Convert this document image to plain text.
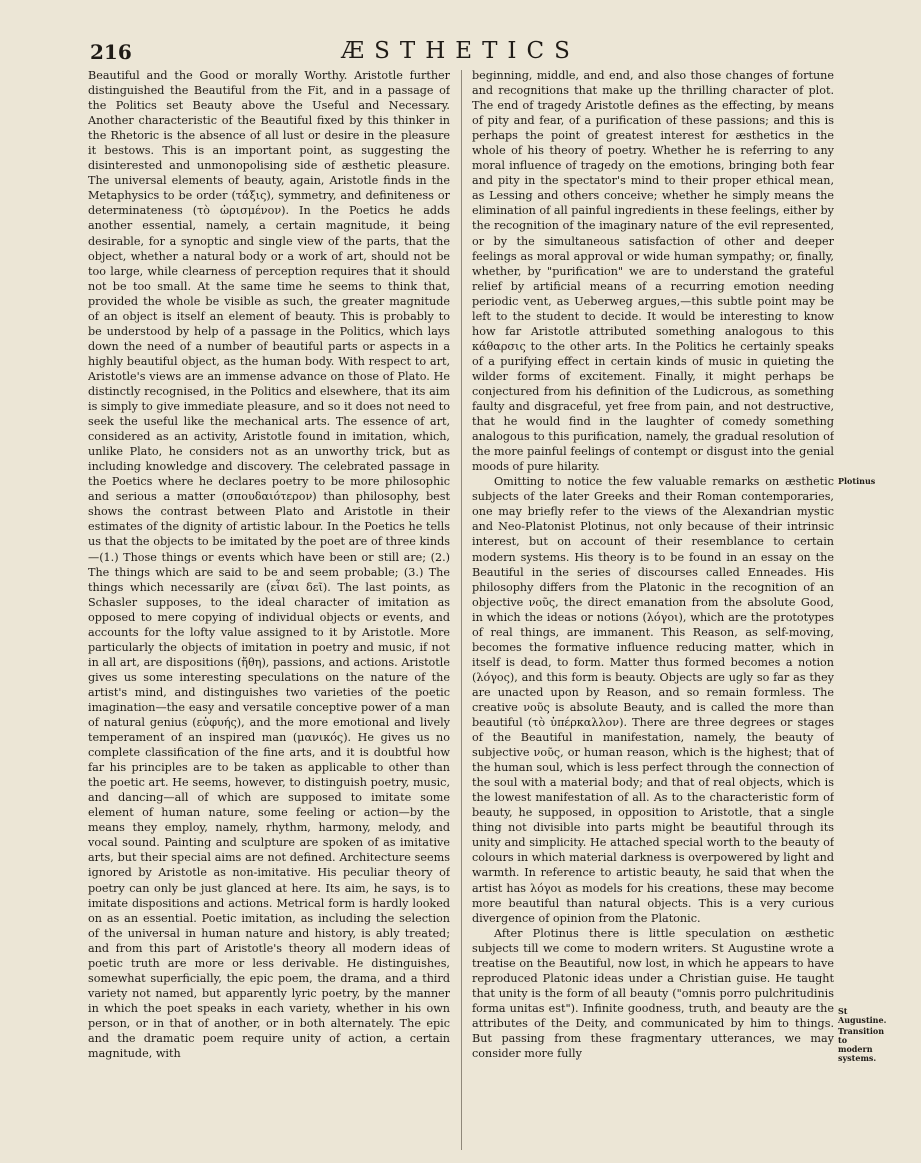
216	ÆSTHETICS

Beautiful and the Good or morally Worthy. Aristotle further distinguished the Beautiful from the Fit, and in a passage of the Politics set Beauty above the Useful and Necessary. Another characteristic of the Beautiful fixed by this thinker in the Rhetoric is the absence of all lust or desire in the pleasure it bestows. This is an important point, as suggesting the disinterested and unmonopolising side of æsthetic pleasure. The universal elements of beauty, again, Aristotle finds in the Metaphysics to be order (τάξις), symmetry, and definiteness or determinateness (τὸ ὡρισμένον). In the Poetics he adds another essential, namely, a certain magnitude, it being desirable, for a synoptic and single view of the parts, that the object, whether a natural body or a work of art, should not be too large, while clearness of perception requires that it should not be too small. At the same time he seems to think that, provided the whole be visible as such, the greater magnitude of an object is itself an element of beauty. This is probably to be understood by help of a passage in the Politics, which lays down the need of a number of beautiful parts or aspects in a highly beautiful object, as the human body. With respect to art, Aristotle's views are an immense advance on those of Plato. He distinctly recognised, in the Politics and elsewhere, that its aim is simply to give immediate pleasure, and so it does not need to seek the useful like the mechanical arts. The essence of art, considered as an activity, Aristotle found in imitation, which, unlike Plato, he considers not as an unworthy trick, but as including knowledge and discovery. The celebrated passage in the Poetics where he declares poetry to be more philosophic and serious a matter (σπουδαιότερον) than philosophy, best shows the contrast between Plato and Aristotle in their estimates of the dignity of artistic labour. In the Poetics he tells us that the objects to be imitated by the poet are of three kinds—(1.) Those things or events which have been or still are; (2.) The things which are said to be and seem probable; (3.) The things which necessarily are (εἶναι δεῖ). The last points, as Schasler supposes, to the ideal character of imitation as opposed to mere copying of individual objects or events, and accounts for the lofty value assigned to it by Aristotle. More particularly the objects of imitation in poetry and music, if not in all art, are dispositions (ἤθη), passions, and actions. Aristotle gives us some interesting speculations on the nature of the artist's mind, and distinguishes two varieties of the poetic imagination—the easy and versatile conceptive power of a man of natural genius (εὐφυής), and the more emotional and lively temperament of an inspired man (μανικός). He gives us no complete classification of the fine arts, and it is doubtful how far his principles are to be taken as applicable to other than the poetic art. He seems, however, to distinguish poetry, music, and dancing—all of which are supposed to imitate some element of human nature, some feeling or action—by the means they employ, namely, rhythm, harmony, melody, and vocal sound. Painting and sculpture are spoken of as imitative arts, but their special aims are not defined. Architecture seems ignored by Aristotle as non-imitative. His peculiar theory of poetry can only be just glanced at here. Its aim, he says, is to imitate dispositions and actions. Metrical form is hardly looked on as an essential. Poetic imitation, as including the selection of the universal in human nature and history, is ably treated; and from this part of Aristotle's theory all modern ideas of poetic truth are more or less derivable. He distinguishes, somewhat superficially, the epic poem, the drama, and a third variety not named, but apparently lyric poetry, by the manner in which the poet speaks in each variety, whether in his own person, or in that of another, or in both alternately. The epic and the dramatic poem require unity of action, a certain magnitude, with

beginning, middle, and end, and also those changes of fortune and recognitions that make up the thrilling character of plot. The end of tragedy Aristotle defines as the effecting, by means of pity and fear, of a purification of these passions; and this is perhaps the point of greatest interest for æsthetics in the whole of his theory of poetry. Whether he is referring to any moral influence of tragedy on the emotions, bringing both fear and pity in the spectator's mind to their proper ethical mean, as Lessing and others conceive; whether he simply means the elimination of all painful ingredients in these feelings, either by the recognition of the imaginary nature of the evil represented, or by the simultaneous satisfaction of other and deeper feelings as moral approval or wide human sympathy; or, finally, whether, by "purification" we are to understand the grateful relief by artificial means of a recurring emotion needing periodic vent, as Ueberweg argues,—this subtle point may be left to the student to decide. It would be interesting to know how far Aristotle attributed something analogous to this κάθαρσις to the other arts. In the Politics he certainly speaks of a purifying effect in certain kinds of music in quieting the wilder forms of excitement. Finally, it might perhaps be conjectured from his definition of the Ludicrous, as something faulty and disgraceful, yet free from pain, and not destructive, that he would find in the laughter of comedy something analogous to this purification, namely, the gradual resolution of the more painful feelings of contempt or disgust into the genial moods of pure hilarity.

Omitting to notice the few valuable remarks on æsthetic subjects of the later Greeks and their Roman contemporaries, one may briefly refer to the views of the Alexandrian mystic and Neo-Platonist Plotinus, not only because of their intrinsic interest, but on account of their resemblance to certain modern systems. His theory is to be found in an essay on the Beautiful in the series of discourses called Enneades. His philosophy differs from the Platonic in the recognition of an objective νοῦς, the direct emanation from the absolute Good, in which the ideas or notions (λόγοι), which are the prototypes of real things, are immanent. This Reason, as self-moving, becomes the formative influence reducing matter, which in itself is dead, to form. Matter thus formed becomes a notion (λόγος), and this form is beauty. Objects are ugly so far as they are unacted upon by Reason, and so remain formless. The creative νοῦς is absolute Beauty, and is called the more than beautiful (τὸ ὑπέρκαλλον). There are three degrees or stages of the Beautiful in manifestation, namely, the beauty of subjective νοῦς, or human reason, which is the highest; that of the human soul, which is less perfect through the connection of the soul with a material body; and that of real objects, which is the lowest manifestation of all. As to the characteristic form of beauty, he supposed, in opposition to Aristotle, that a single thing not divisible into parts might be beautiful through its unity and simplicity. He attached special worth to the beauty of colours in which material darkness is overpowered by light and warmth. In reference to artistic beauty, he said that when the artist has λόγοι as models for his creations, these may become more beautiful than natural objects. This is a very curious divergence of opinion from the Platonic.

After Plotinus there is little speculation on æsthetic subjects till we come to modern writers. St Augustine wrote a treatise on the Beautiful, now lost, in which he appears to have reproduced Platonic ideas under a Christian guise. He taught that unity is the form of all beauty ("omnis porro pulchritudinis forma unitas est"). Infinite goodness, truth, and beauty are the attributes of the Deity, and communicated by him to things. But passing from these fragmentary utterances, we may consider more fully

Plotinus
St Augustine.
Transition to modern systems.
